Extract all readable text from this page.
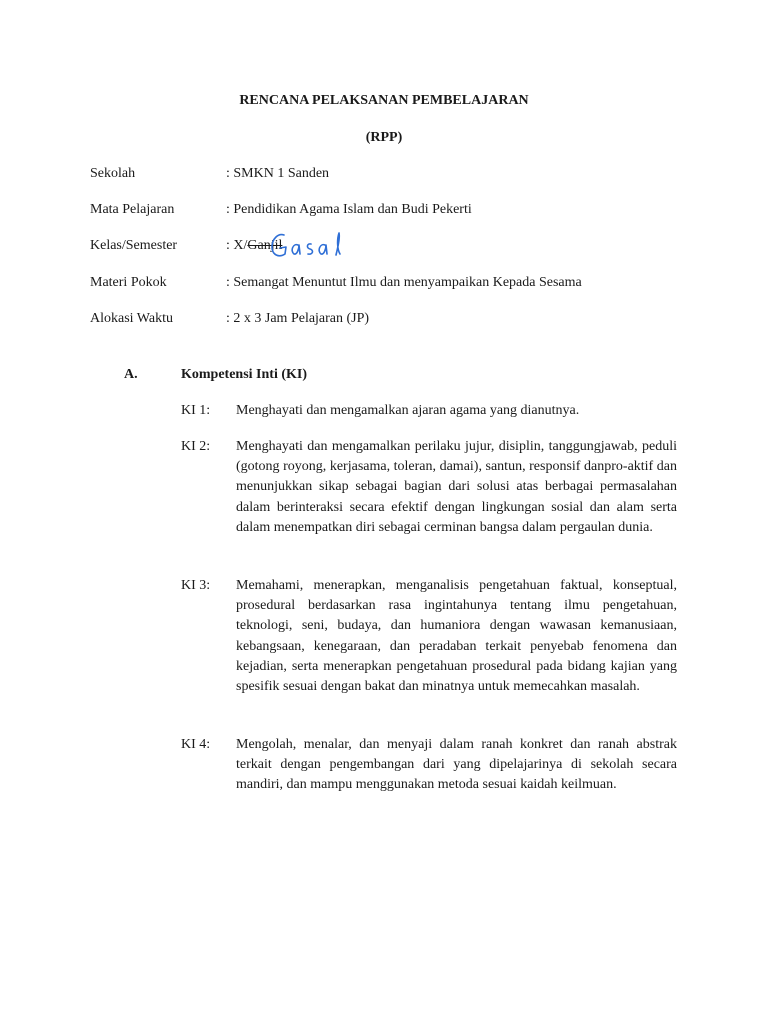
RENCANA PELAKSANAN PEMBELAJARAN
(RPP)
Sekolah	: SMKN 1 Sanden
Mata Pelajaran	: Pendidikan Agama Islam dan Budi Pekerti
Kelas/Semester	: X/Ganjil
Materi Pokok	: Semangat Menuntut Ilmu dan menyampaikan Kepada Sesama
Alokasi Waktu	: 2 x 3 Jam Pelajaran (JP)
A.	Kompetensi Inti (KI)
KI 1: Menghayati dan mengamalkan ajaran agama yang dianutnya.
KI 2: Menghayati dan mengamalkan perilaku jujur, disiplin, tanggungjawab, peduli (gotong royong, kerjasama, toleran, damai), santun, responsif danpro-aktif dan menunjukkan sikap sebagai bagian dari solusi atas berbagai permasalahan dalam berinteraksi secara efektif dengan lingkungan sosial dan alam serta dalam menempatkan diri sebagai cerminan bangsa dalam pergaulan dunia.
KI 3: Memahami, menerapkan, menganalisis pengetahuan faktual, konseptual, prosedural berdasarkan rasa ingintahunya tentang ilmu pengetahuan, teknologi, seni, budaya, dan humaniora dengan wawasan kemanusiaan, kebangsaan, kenegaraan, dan peradaban terkait penyebab fenomena dan kejadian, serta menerapkan pengetahuan prosedural pada bidang kajian yang spesifik sesuai dengan bakat dan minatnya untuk memecahkan masalah.
KI 4: Mengolah, menalar, dan menyaji dalam ranah konkret dan ranah abstrak terkait dengan pengembangan dari yang dipelajarinya di sekolah secara mandiri, dan mampu menggunakan metoda sesuai kaidah keilmuan.
